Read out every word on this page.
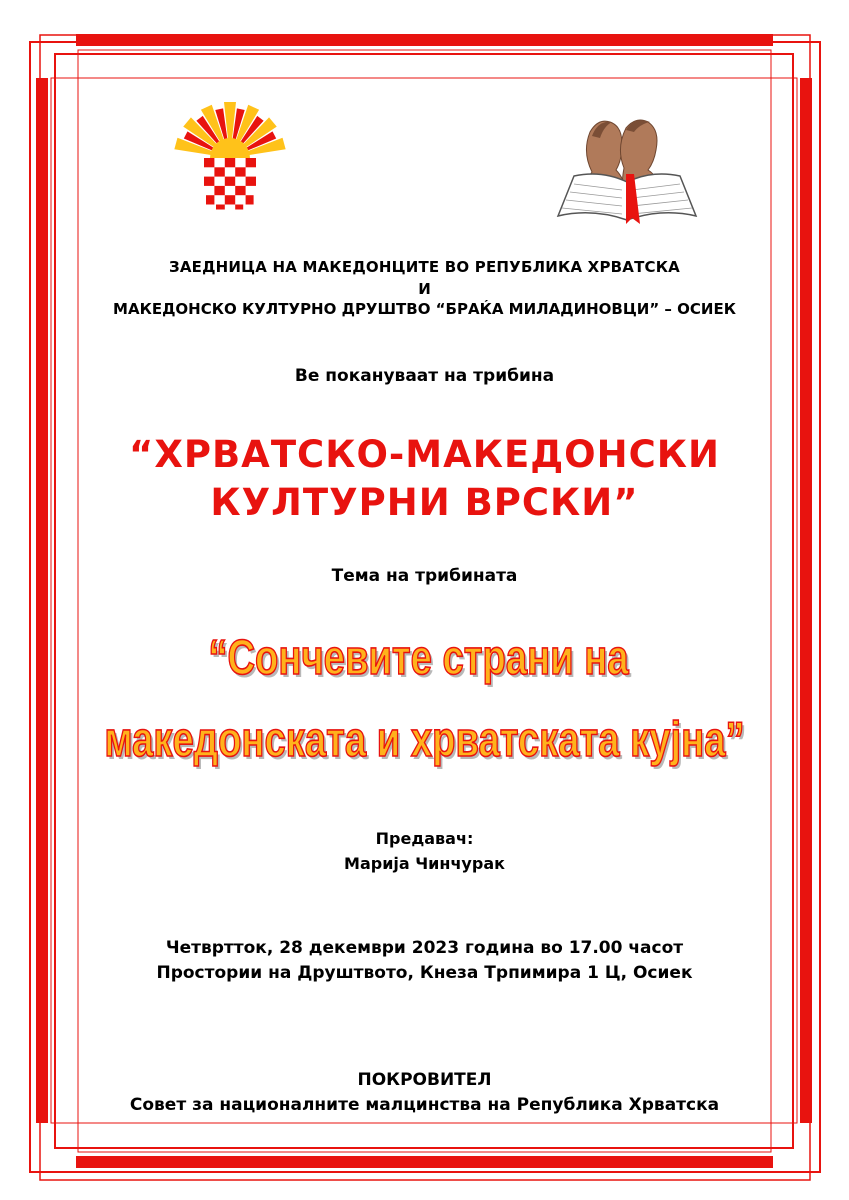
ЗАЕДНИЦА НА МАКЕДОНЦИТЕ ВО РЕПУБЛИКА ХРВАТСКА
И
МАКЕДОНСКО КУЛТУРНО ДРУШТВО “БРАЌА МИЛАДИНОВЦИ” – ОСИЕК
Ве покануваат на трибина
“ХРВАТСКО-МАКЕДОНСКИ
КУЛТУРНИ ВРСКИ”
Тема на трибината
“Сончевите страни на
македонската и хрватската кујна”
Предавач:
Марија Чинчурак
Четвртток, 28 декември 2023 година во 17.00 часот
Простории на Друштвото, Кнеза Трпимира 1 Ц, Осиек
ПОКРОВИТЕЛ
Совет за националните малцинства на Република Хрватска
